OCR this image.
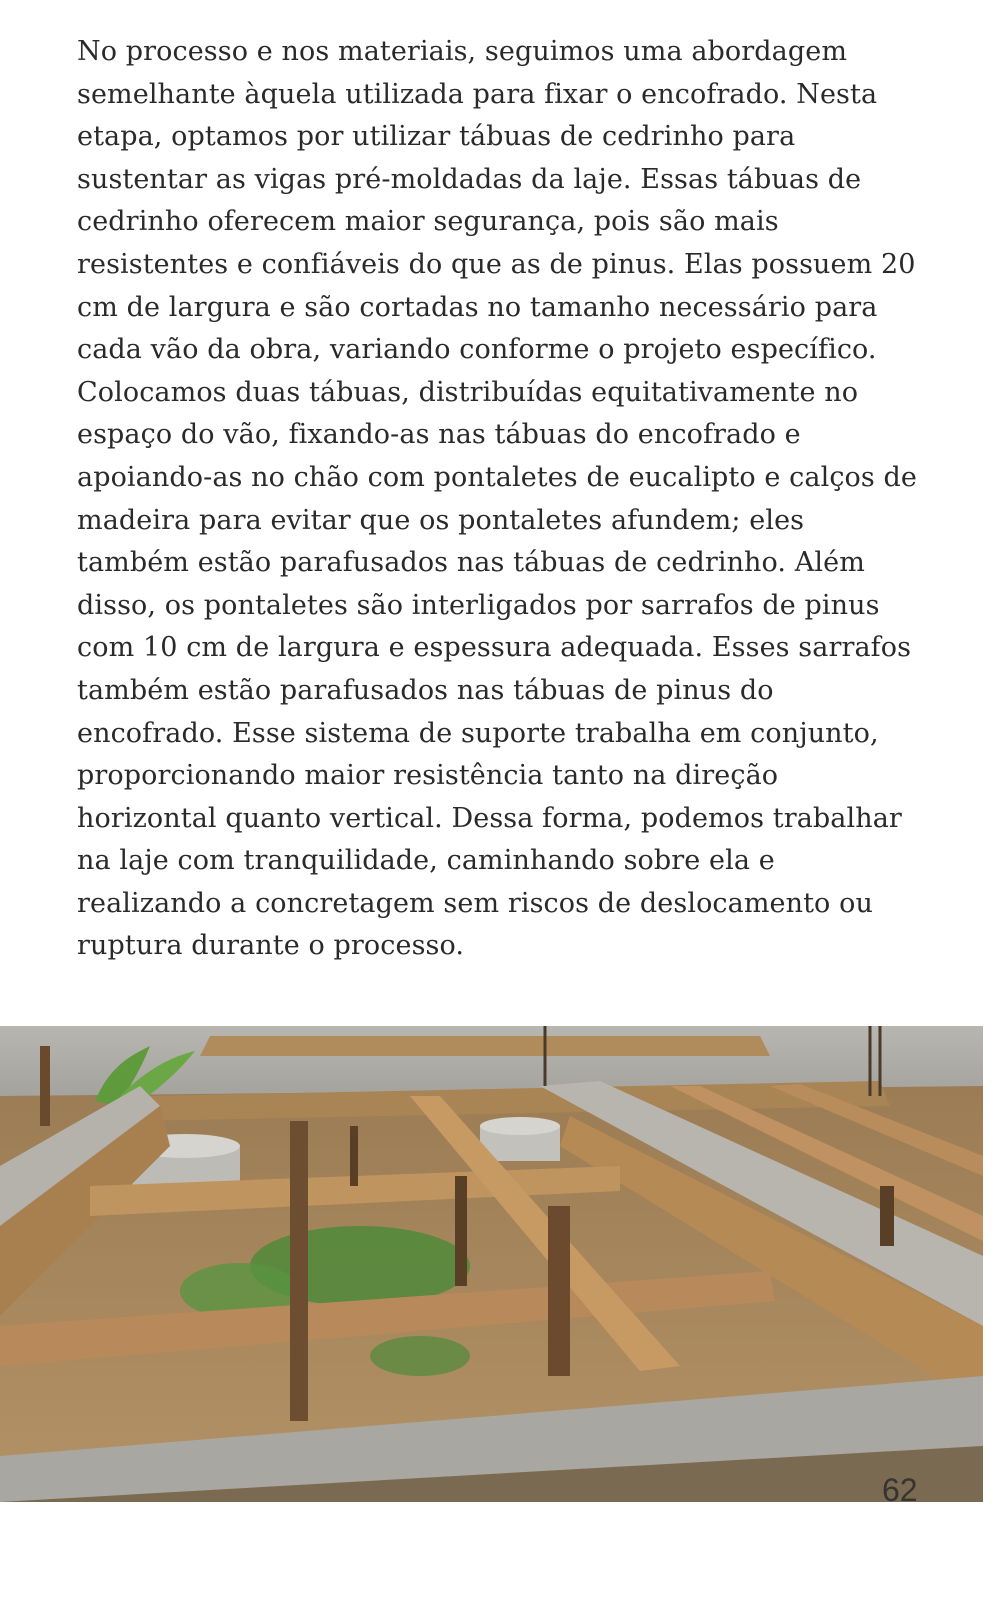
No processo e nos materiais, seguimos uma abordagem
semelhante àquela utilizada para fixar o encofrado. Nesta
etapa, optamos por utilizar tábuas de cedrinho para
sustentar as vigas pré-moldadas da laje. Essas tábuas de
cedrinho oferecem maior segurança, pois são mais
resistentes e confiáveis do que as de pinus. Elas possuem 20
cm de largura e são cortadas no tamanho necessário para
cada vão da obra, variando conforme o projeto específico.
Colocamos duas tábuas, distribuídas equitativamente no
espaço do vão, fixando-as nas tábuas do encofrado e
apoiando-as no chão com pontaletes de eucalipto e calços de
madeira para evitar que os pontaletes afundem; eles
também estão parafusados nas tábuas de cedrinho. Além
disso, os pontaletes são interligados por sarrafos de pinus
com 10 cm de largura e espessura adequada. Esses sarrafos
também estão parafusados nas tábuas de pinus do
encofrado. Esse sistema de suporte trabalha em conjunto,
proporcionando maior resistência tanto na direção
horizontal quanto vertical. Dessa forma, podemos trabalhar
na laje com tranquilidade, caminhando sobre ela e
realizando a concretagem sem riscos de deslocamento ou
ruptura durante o processo.
62
